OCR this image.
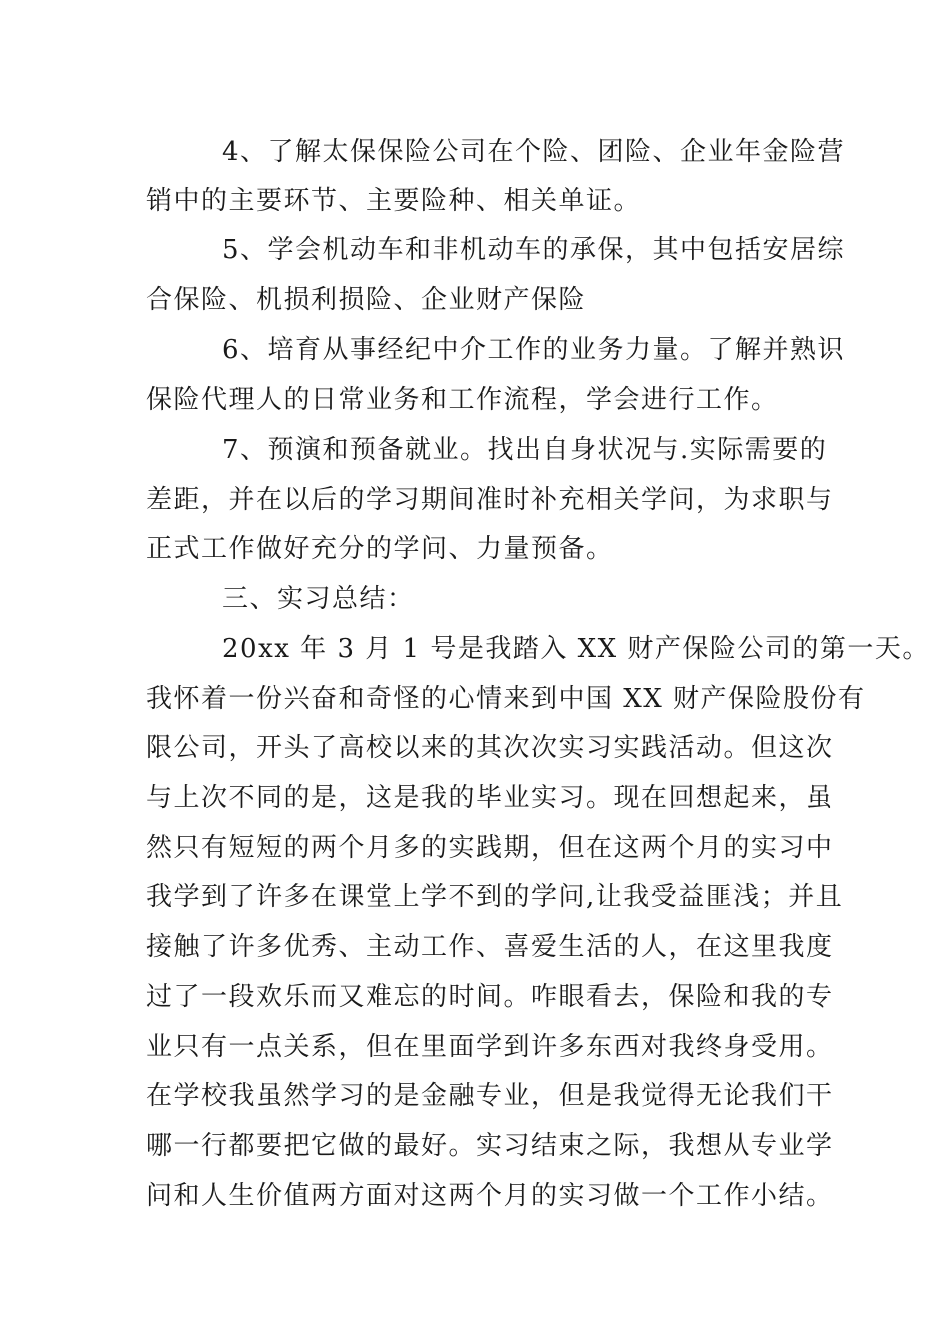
4、了解太保保险公司在个险、团险、企业年金险营
销中的主要环节、主要险种、相关单证。
5、学会机动车和非机动车的承保，其中包括安居综
合保险、机损利损险、企业财产保险
6、培育从事经纪中介工作的业务力量。了解并熟识
保险代理人的日常业务和工作流程，学会进行工作。
7、预演和预备就业。找出自身状况与.实际需要的
差距，并在以后的学习期间准时补充相关学问，为求职与
正式工作做好充分的学问、力量预备。
三、实习总结：
20xx 年 3 月 1 号是我踏入 XX 财产保险公司的第一天。
我怀着一份兴奋和奇怪的心情来到中国 XX 财产保险股份有
限公司，开头了高校以来的其次次实习实践活动。但这次
与上次不同的是，这是我的毕业实习。现在回想起来，虽
然只有短短的两个月多的实践期，但在这两个月的实习中
我学到了许多在课堂上学不到的学问,让我受益匪浅；并且
接触了许多优秀、主动工作、喜爱生活的人，在这里我度
过了一段欢乐而又难忘的时间。咋眼看去，保险和我的专
业只有一点关系，但在里面学到许多东西对我终身受用。
在学校我虽然学习的是金融专业，但是我觉得无论我们干
哪一行都要把它做的最好。实习结束之际，我想从专业学
问和人生价值两方面对这两个月的实习做一个工作小结。
